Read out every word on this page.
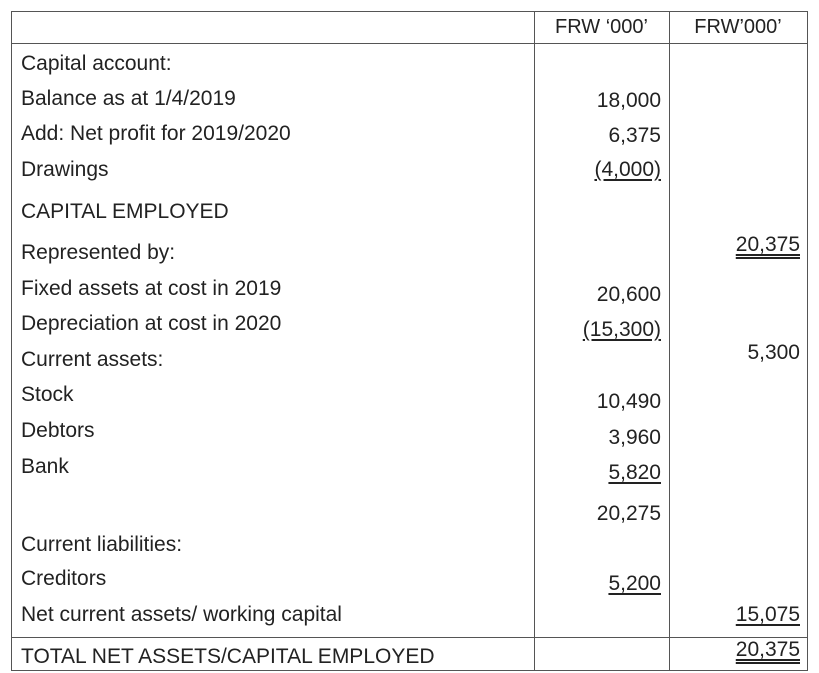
FRW ‘000’	FRW’000’
Capital account:
Balance as at 1/4/2019
Add: Net profit for 2019/2020
Drawings
CAPITAL EMPLOYED
Represented by:
Fixed assets at cost in 2019
Depreciation at cost in 2020
Current assets:
Stock
Debtors
Bank
Current liabilities:
Creditors
Net current assets/ working capital
TOTAL NET ASSETS/CAPITAL EMPLOYED
18,000
6,375
(4,000)
20,600
(15,300)
10,490
3,960
5,820
20,275
5,200
20,375
5,300
15,075
20,375
